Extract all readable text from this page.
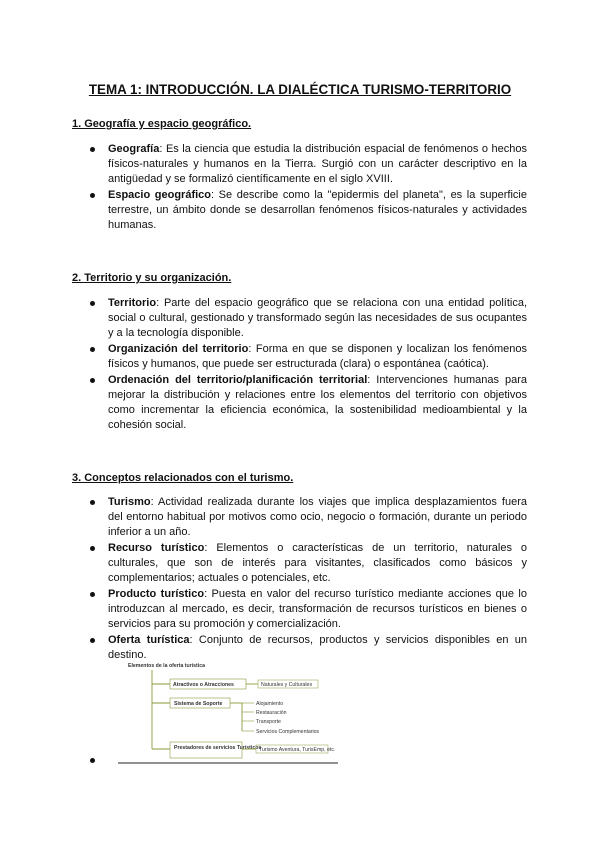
TEMA 1: INTRODUCCIÓN. LA DIALÉCTICA TURISMO-TERRITORIO
1. Geografía y espacio geográfico.
Geografía: Es la ciencia que estudia la distribución espacial de fenómenos o hechos físicos-naturales y humanos en la Tierra. Surgió con un carácter descriptivo en la antigüedad y se formalizó científicamente en el siglo XVIII.
Espacio geográfico: Se describe como la "epidermis del planeta", es la superficie terrestre, un ámbito donde se desarrollan fenómenos físicos-naturales y actividades humanas.
2. Territorio y su organización.
Territorio: Parte del espacio geográfico que se relaciona con una entidad política, social o cultural, gestionado y transformado según las necesidades de sus ocupantes y a la tecnología disponible.
Organización del territorio: Forma en que se disponen y localizan los fenómenos físicos y humanos, que puede ser estructurada (clara) o espontánea (caótica).
Ordenación del territorio/planificación territorial: Intervenciones humanas para mejorar la distribución y relaciones entre los elementos del territorio con objetivos como incrementar la eficiencia económica, la sostenibilidad medioambiental y la cohesión social.
3. Conceptos relacionados con el turismo.
Turismo: Actividad realizada durante los viajes que implica desplazamientos fuera del entorno habitual por motivos como ocio, negocio o formación, durante un periodo inferior a un año.
Recurso turístico: Elementos o características de un territorio, naturales o culturales, que son de interés para visitantes, clasificados como básicos y complementarios; actuales o potenciales, etc.
Producto turístico: Puesta en valor del recurso turístico mediante acciones que lo introduzcan al mercado, es decir, transformación de recursos turísticos en bienes o servicios para su promoción y comercialización.
Oferta turística: Conjunto de recursos, productos y servicios disponibles en un destino.
Elementos de la oferta turística
Atractivos o Atracciones	Naturales y Culturales
Sistema de Soporte	Alojamiento
Restauración
Transporte
Servicios Complementarios
Prestadores de servicios Turísticos
Turismo Aventura, TurisEmp, etc.
